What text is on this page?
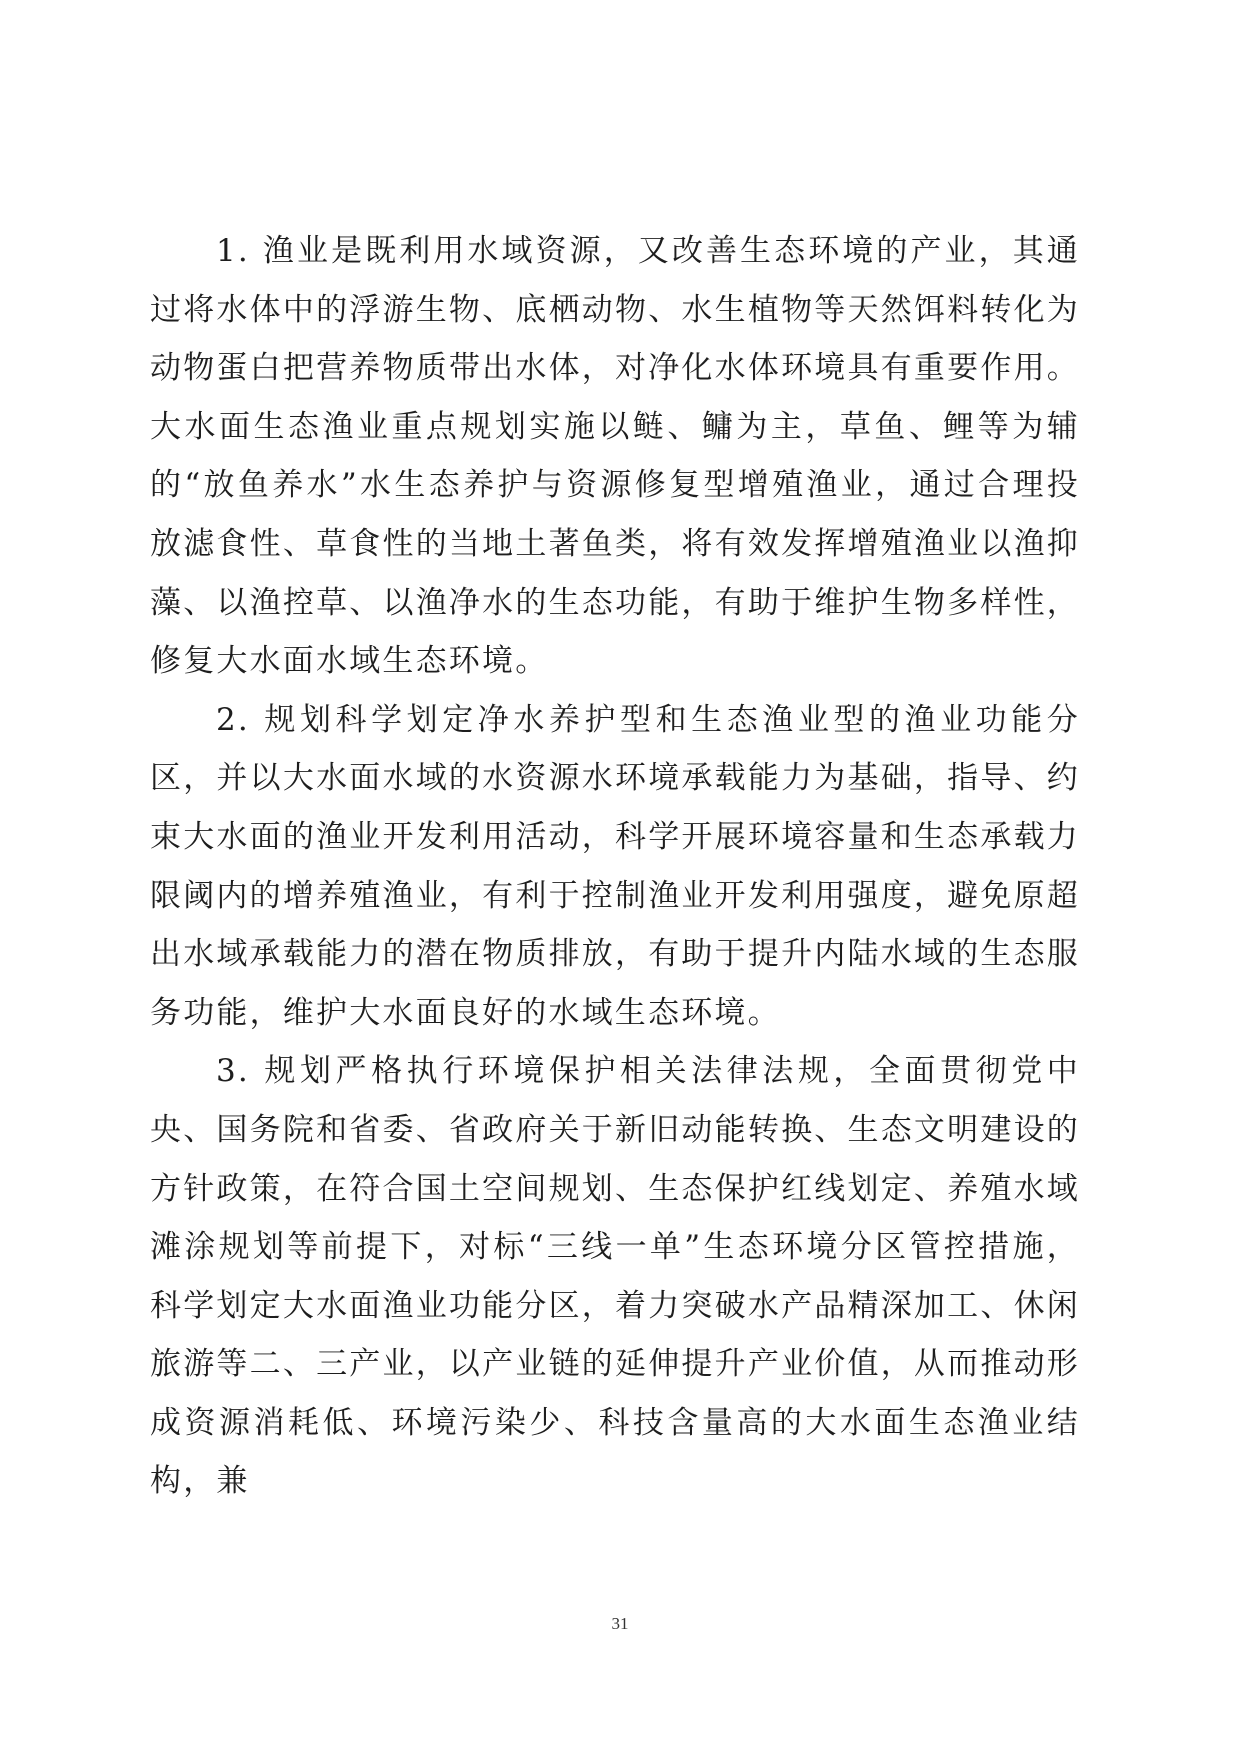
1. 渔业是既利用水域资源，又改善生态环境的产业，其通过将水体中的浮游生物、底栖动物、水生植物等天然饵料转化为动物蛋白把营养物质带出水体，对净化水体环境具有重要作用。大水面生态渔业重点规划实施以鲢、鳙为主，草鱼、鲤等为辅的“放鱼养水”水生态养护与资源修复型增殖渔业，通过合理投放滤食性、草食性的当地土著鱼类，将有效发挥增殖渔业以渔抑藻、以渔控草、以渔净水的生态功能，有助于维护生物多样性，修复大水面水域生态环境。

2. 规划科学划定净水养护型和生态渔业型的渔业功能分区，并以大水面水域的水资源水环境承载能力为基础，指导、约束大水面的渔业开发利用活动，科学开展环境容量和生态承载力限阈内的增养殖渔业，有利于控制渔业开发利用强度，避免原超出水域承载能力的潜在物质排放，有助于提升内陆水域的生态服务功能，维护大水面良好的水域生态环境。

3. 规划严格执行环境保护相关法律法规，全面贯彻党中央、国务院和省委、省政府关于新旧动能转换、生态文明建设的方针政策，在符合国土空间规划、生态保护红线划定、养殖水域滩涂规划等前提下，对标“三线一单”生态环境分区管控措施，科学划定大水面渔业功能分区，着力突破水产品精深加工、休闲旅游等二、三产业，以产业链的延伸提升产业价值，从而推动形成资源消耗低、环境污染少、科技含量高的大水面生态渔业结构，兼

31
